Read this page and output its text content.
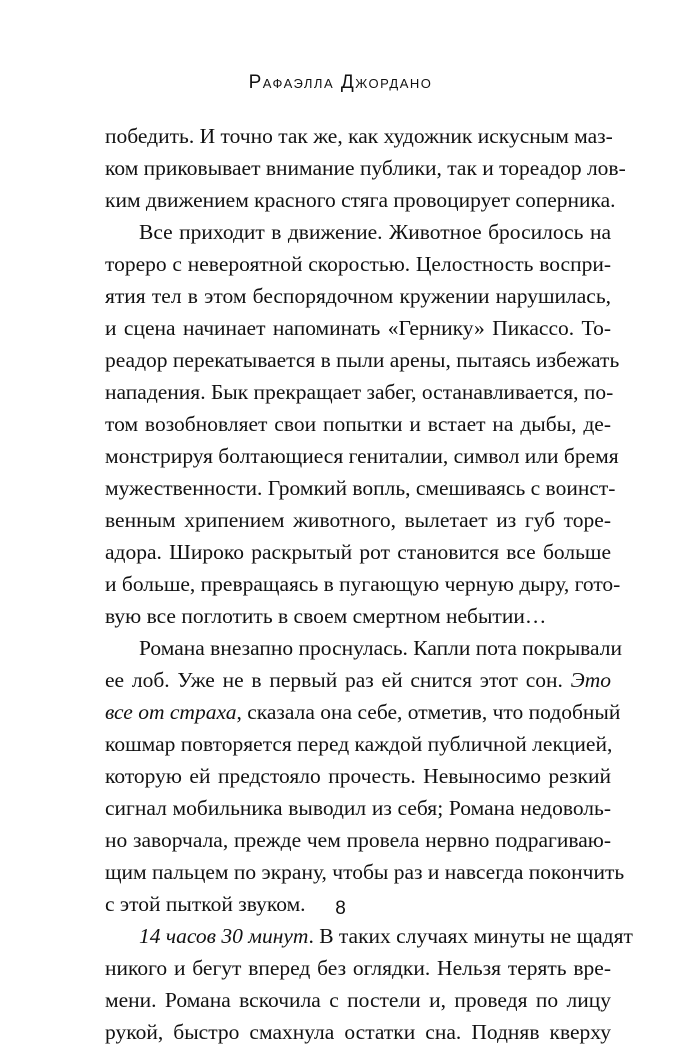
Рафаэлла Джордано
победить. И точно так же, как художник искусным маз-
ком приковывает внимание публики, так и тореадор лов-
ким движением красного стяга провоцирует соперника.
Все приходит в движение. Животное бросилось на
тореро с невероятной скоростью. Целостность воспри-
ятия тел в этом беспорядочном кружении нарушилась,
и сцена начинает напоминать «Гернику» Пикассо. То-
реадор перекатывается в пыли арены, пытаясь избежать
нападения. Бык прекращает забег, останавливается, по-
том возобновляет свои попытки и встает на дыбы, де-
монстрируя болтающиеся гениталии, символ или бремя
мужественности. Громкий вопль, смешиваясь с воинст-
венным хрипением животного, вылетает из губ торе-
адора. Широко раскрытый рот становится все больше
и больше, превращаясь в пугающую черную дыру, гото-
вую все поглотить в своем смертном небытии…
Романа внезапно проснулась. Капли пота покрывали
ее лоб. Уже не в первый раз ей снится этот сон. Это
все от страха, сказала она себе, отметив, что подобный
кошмар повторяется перед каждой публичной лекцией,
которую ей предстояло прочесть. Невыносимо резкий
сигнал мобильника выводил из себя; Романа недоволь-
но заворчала, прежде чем провела нервно подрагиваю-
щим пальцем по экрану, чтобы раз и навсегда покончить
с этой пыткой звуком.
14 часов 30 минут. В таких случаях минуты не щадят
никого и бегут вперед без оглядки. Нельзя терять вре-
мени. Романа вскочила с постели и, проведя по лицу
рукой, быстро смахнула остатки сна. Подняв кверху
8
